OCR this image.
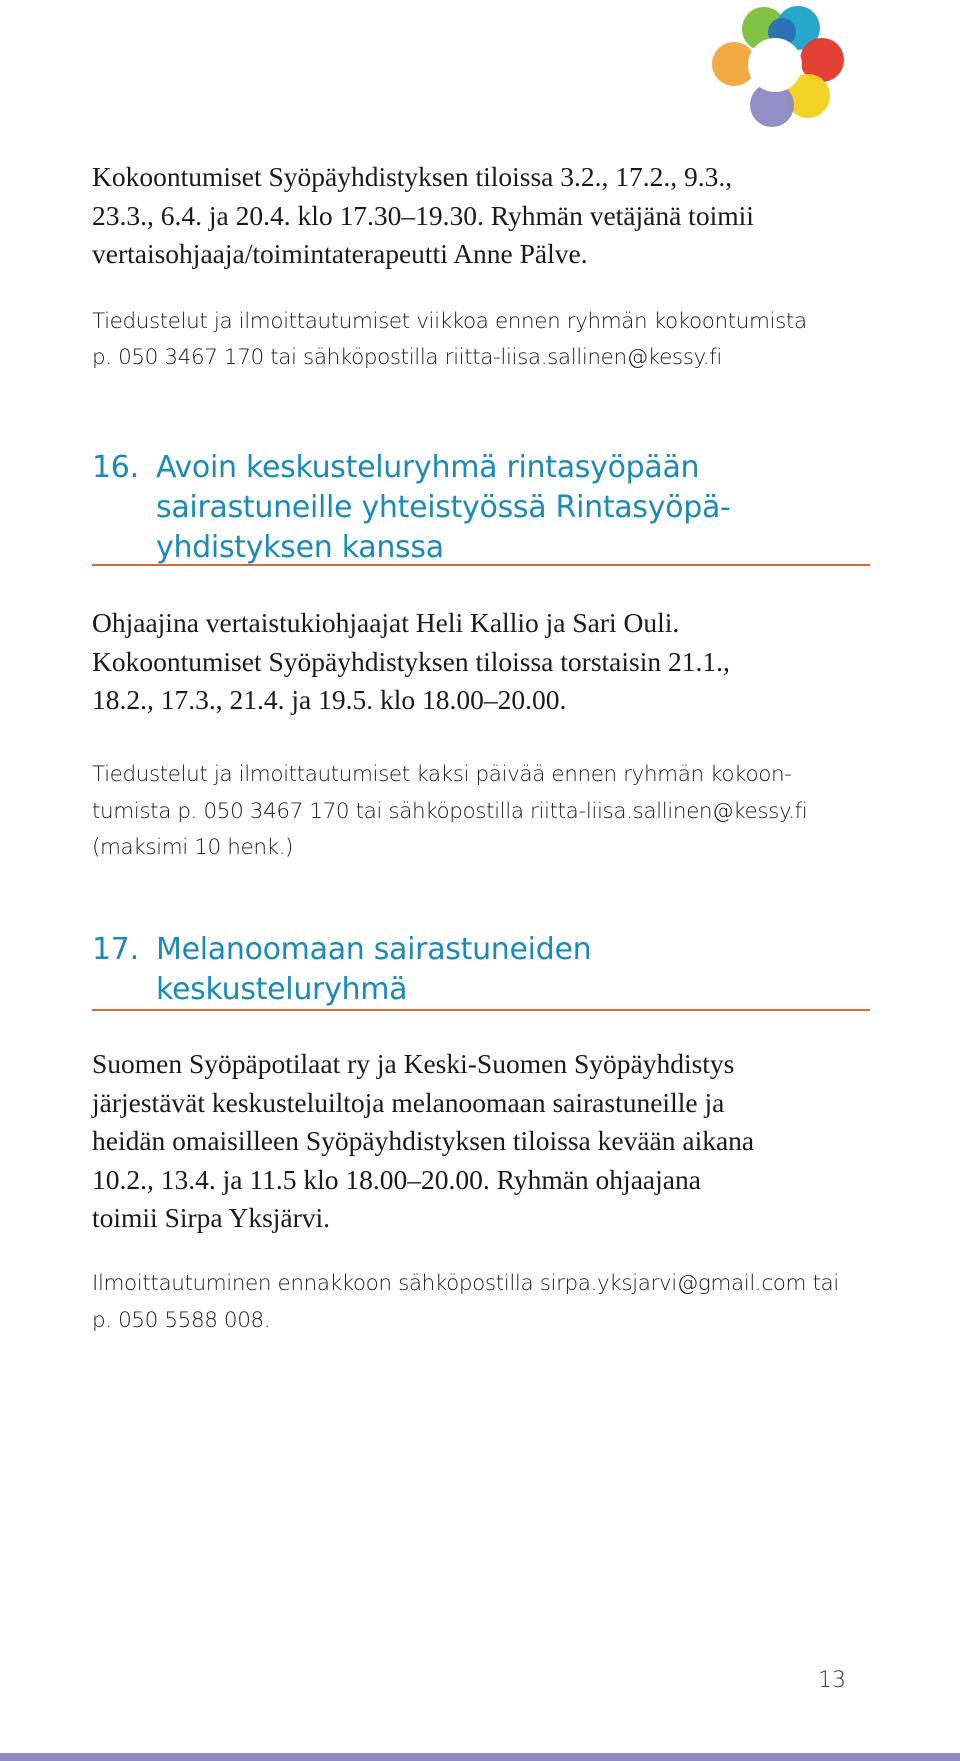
Kokoontumiset Syöpäyhdistyksen tiloissa 3.2., 17.2., 9.3.,

23.3., 6.4. ja 20.4. klo 17.30–19.30. Ryhmän vetäjänä toimii

vertaisohjaaja/toimintaterapeutti Anne Pälve.

Tiedustelut ja ilmoittautumiset viikkoa ennen ryhmän kokoontumista

p. 050 3467 170 tai sähköpostilla riitta-liisa.sallinen@kessy.fi

16. Avoin keskusteluryhmä rintasyöpään
sairastuneille yhteistyössä Rintasyöpä-
yhdistyksen kanssa

Ohjaajina vertaistukiohjaajat Heli Kallio ja Sari Ouli.

Kokoontumiset Syöpäyhdistyksen tiloissa torstaisin 21.1.,

18.2., 17.3., 21.4. ja 19.5. klo 18.00–20.00.

Tiedustelut ja ilmoittautumiset kaksi päivää ennen ryhmän kokoon-

tumista p. 050 3467 170 tai sähköpostilla riitta-liisa.sallinen@kessy.fi

(maksimi 10 henk.)

17. Melanoomaan sairastuneiden
keskusteluryhmä

Suomen Syöpäpotilaat ry ja Keski-Suomen Syöpäyhdistys

järjestävät keskusteluiltoja melanoomaan sairastuneille ja

heidän omaisilleen Syöpäyhdistyksen tiloissa kevään aikana

10.2., 13.4. ja 11.5 klo 18.00–20.00. Ryhmän ohjaajana

toimii Sirpa Yksjärvi.

Ilmoittautuminen ennakkoon sähköpostilla sirpa.yksjarvi@gmail.com tai

p. 050 5588 008.

13
